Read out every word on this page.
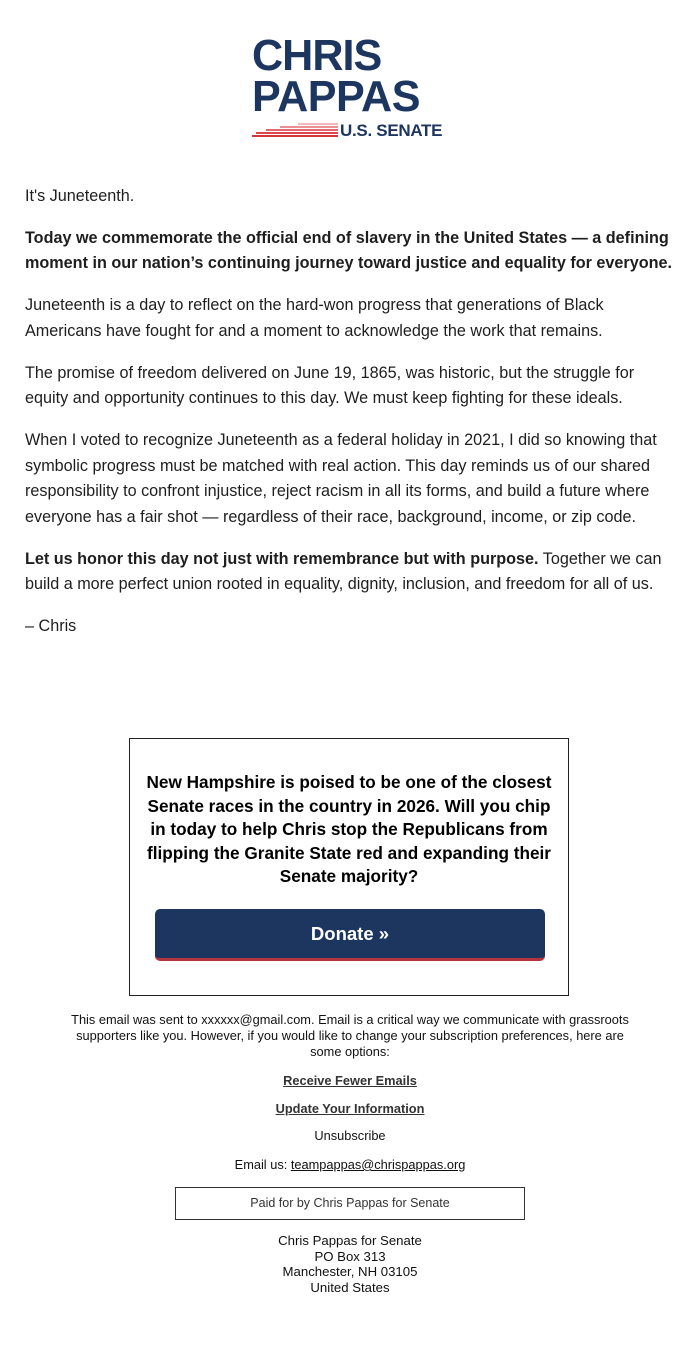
CHRIS
PAPPAS
U.S. SENATE

It's Juneteenth.

Today we commemorate the official end of slavery in the United States — a defining moment in our nation’s continuing journey toward justice and equality for everyone.

Juneteenth is a day to reflect on the hard-won progress that generations of Black Americans have fought for and a moment to acknowledge the work that remains.

The promise of freedom delivered on June 19, 1865, was historic, but the struggle for equity and opportunity continues to this day. We must keep fighting for these ideals.

When I voted to recognize Juneteenth as a federal holiday in 2021, I did so knowing that symbolic progress must be matched with real action. This day reminds us of our shared responsibility to confront injustice, reject racism in all its forms, and build a future where everyone has a fair shot — regardless of their race, background, income, or zip code.

Let us honor this day not just with remembrance but with purpose. Together we can build a more perfect union rooted in equality, dignity, inclusion, and freedom for all of us.

– Chris

New Hampshire is poised to be one of the closest Senate races in the country in 2026. Will you chip in today to help Chris stop the Republicans from flipping the Granite State red and expanding their Senate majority?
Donate »
This email was sent to xxxxxx@gmail.com. Email is a critical way we communicate with grassroots supporters like you. However, if you would like to change your subscription preferences, here are some options:
Receive Fewer Emails
Update Your Information
Unsubscribe
Email us: teampappas@chrispappas.org
Paid for by Chris Pappas for Senate
Chris Pappas for Senate
PO Box 313
Manchester, NH 03105
United States
